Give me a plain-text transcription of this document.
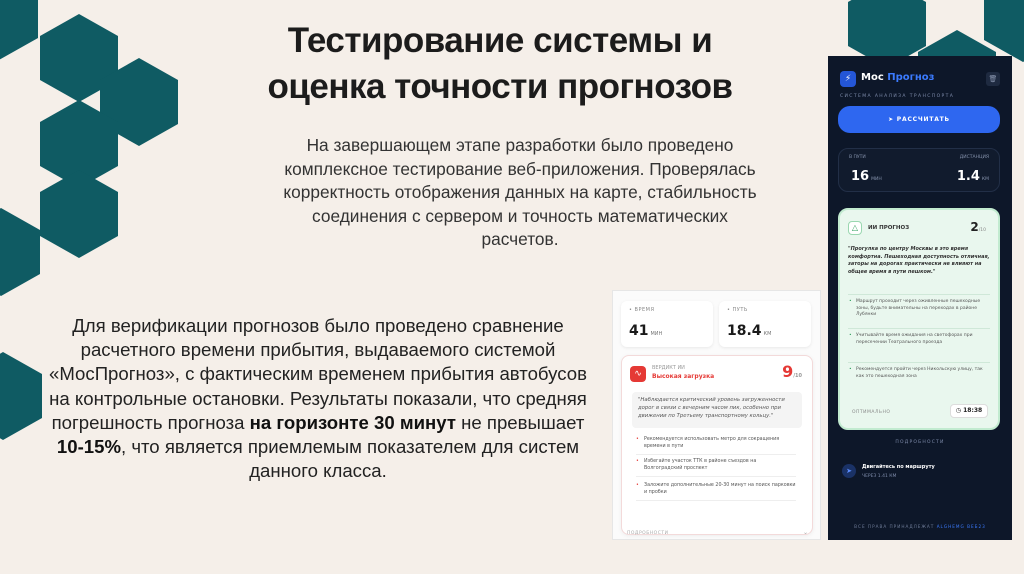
Тестирование системы и
оценка точности прогнозов
На завершающем этапе разработки было проведено комплексное тестирование веб-приложения. Проверялась корректность отображения данных на карте, стабильность соединения с сервером и точность математических расчетов.
Для верификации прогнозов было проведено сравнение расчетного времени прибытия, выдаваемого системой «МосПрогноз», с фактическим временем прибытия автобусов на контрольные остановки. Результаты показали, что средняя погрешность прогноза на горизонте 30 минут не превышает 10-15%, что является приемлемым показателем для систем данного класса.
• ВРЕМЯ
41 МИН
• ПУТЬ
18.4 КМ
∿
ВЕРДИКТ ИИ
Высокая загрузка	9/10
"Наблюдается критический уровень загруженности дорог в связи с вечерним часом пик, особенно при движении по Третьему транспортному кольцу."
• Рекомендуется использовать метро для сокращения времени в пути
• Избегайте участок ТТК в районе съездов на Волгоградский проспект
• Заложите дополнительные 20-30 минут на поиск парковки и пробки
ПОДРОБНОСТИ	⌄
⚡ Мос Прогноз	🗑
СИСТЕМА АНАЛИЗА ТРАНСПОРТА
➤ РАССЧИТАТЬ
В ПУТИ
16 МИН
ДИСТАНЦИЯ
1.4 КМ
△	ИИ ПРОГНОЗ	2/10
"Прогулка по центру Москвы в это время комфортна. Пешеходная доступность отличная, заторы на дорогах практически не влияют на общее время в пути пешком."
• Маршрут проходит через оживленные пешеходные зоны, будьте внимательны на переходах в районе Лубянки
• Учитывайте время ожидания на светофорах при пересечении Театрального проезда
• Рекомендуется пройти через Никольскую улицу, так как это пешеходная зона
ОПТИМАЛЬНО	◷ 18:38
ПОДРОБНОСТИ
➤	Двигайтесь по маршруту
ЧЕРЕЗ 1.41 КМ
ВСЕ ПРАВА ПРИНАДЛЕЖАТ ALGHEMG ВЕБ23
